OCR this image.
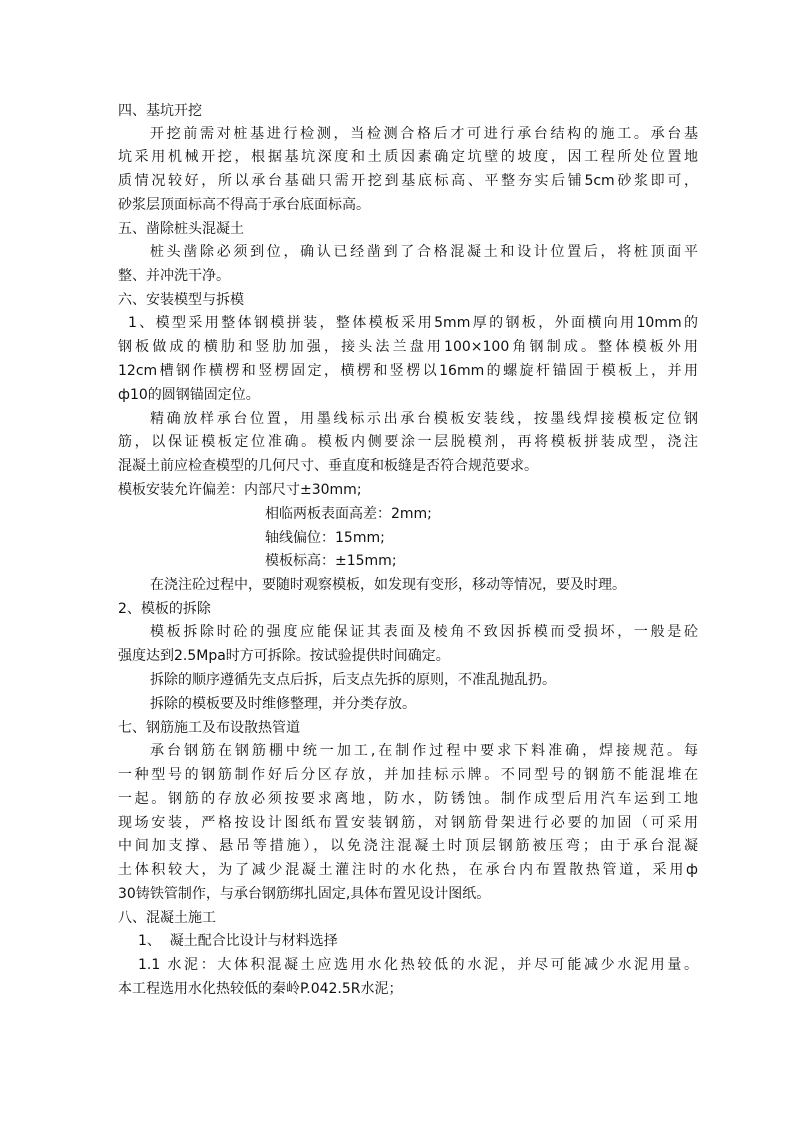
四、基坑开挖
开挖前需对桩基进行检测，当检测合格后才可进行承台结构的施工。承台基
坑采用机械开挖，根据基坑深度和土质因素确定坑壁的坡度，因工程所处位置地
质情况较好，所以承台基础只需开挖到基底标高、平整夯实后铺5cm砂浆即可，
砂浆层顶面标高不得高于承台底面标高。
五、凿除桩头混凝土
桩头凿除必须到位，确认已经凿到了合格混凝土和设计位置后，将桩顶面平
整、并冲洗干净。
六、安装模型与拆模
1、模型采用整体钢模拼装，整体模板采用5mm厚的钢板，外面横向用10mm的
钢板做成的横肋和竖肋加强，接头法兰盘用100×100角钢制成。整体模板外用
12cm槽钢作横楞和竖楞固定，横楞和竖楞以16mm的螺旋杆锚固于模板上，并用
ф10的圆钢锚固定位。
精确放样承台位置，用墨线标示出承台模板安装线，按墨线焊接模板定位钢
筋，以保证模板定位准确。模板内侧要涂一层脱模剂，再将模板拼装成型，浇注
混凝土前应检查模型的几何尺寸、垂直度和板缝是否符合规范要求。
模板安装允许偏差：内部尺寸±30mm;
相临两板表面高差：2mm;
轴线偏位：15mm;
模板标高：±15mm;
在浇注砼过程中，要随时观察模板，如发现有变形，移动等情况，要及时理。
2、模板的拆除
模板拆除时砼的强度应能保证其表面及棱角不致因拆模而受损坏，一般是砼
强度达到2.5Mpa时方可拆除。按试验提供时间确定。
拆除的顺序遵循先支点后拆，后支点先拆的原则，不准乱抛乱扔。
拆除的模板要及时维修整理，并分类存放。
七、钢筋施工及布设散热管道
承台钢筋在钢筋棚中统一加工,在制作过程中要求下料准确，焊接规范。每
一种型号的钢筋制作好后分区存放，并加挂标示牌。不同型号的钢筋不能混堆在
一起。钢筋的存放必须按要求离地，防水，防锈蚀。制作成型后用汽车运到工地
现场安装，严格按设计图纸布置安装钢筋，对钢筋骨架进行必要的加固（可采用
中间加支撑、悬吊等措施），以免浇注混凝土时顶层钢筋被压弯；由于承台混凝
土体积较大，为了减少混凝土灌注时的水化热，在承台内布置散热管道，采用ф
30铸铁管制作，与承台钢筋绑扎固定,具体布置见设计图纸。
八、混凝土施工
1、  凝土配合比设计与材料选择
1.1 水泥：大体积混凝土应选用水化热较低的水泥，并尽可能减少水泥用量。
本工程选用水化热较低的秦岭P.042.5R水泥；
